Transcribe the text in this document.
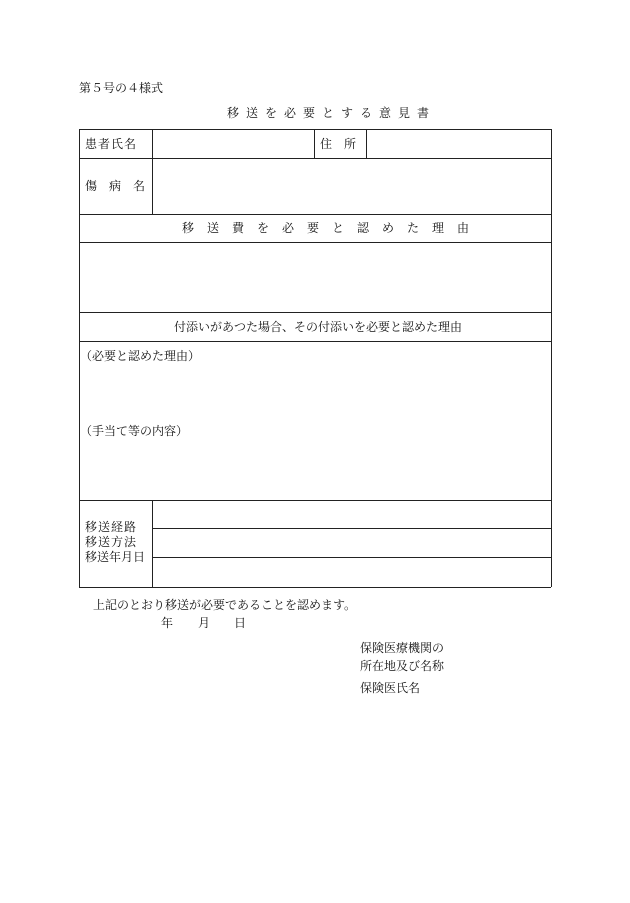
第５号の４様式
移送を必要とする意見書
患者氏名	住　所
傷　病　名
移送費を必要と認めた理由
付添いがあつた場合、その付添いを必要と認めた理由
（必要と認めた理由）
（手当て等の内容）
移送経路
移送方法
移送年月日
上記のとおり移送が必要であることを認めます。
年 月 日
保険医療機関の
所在地及び名称
保険医氏名
